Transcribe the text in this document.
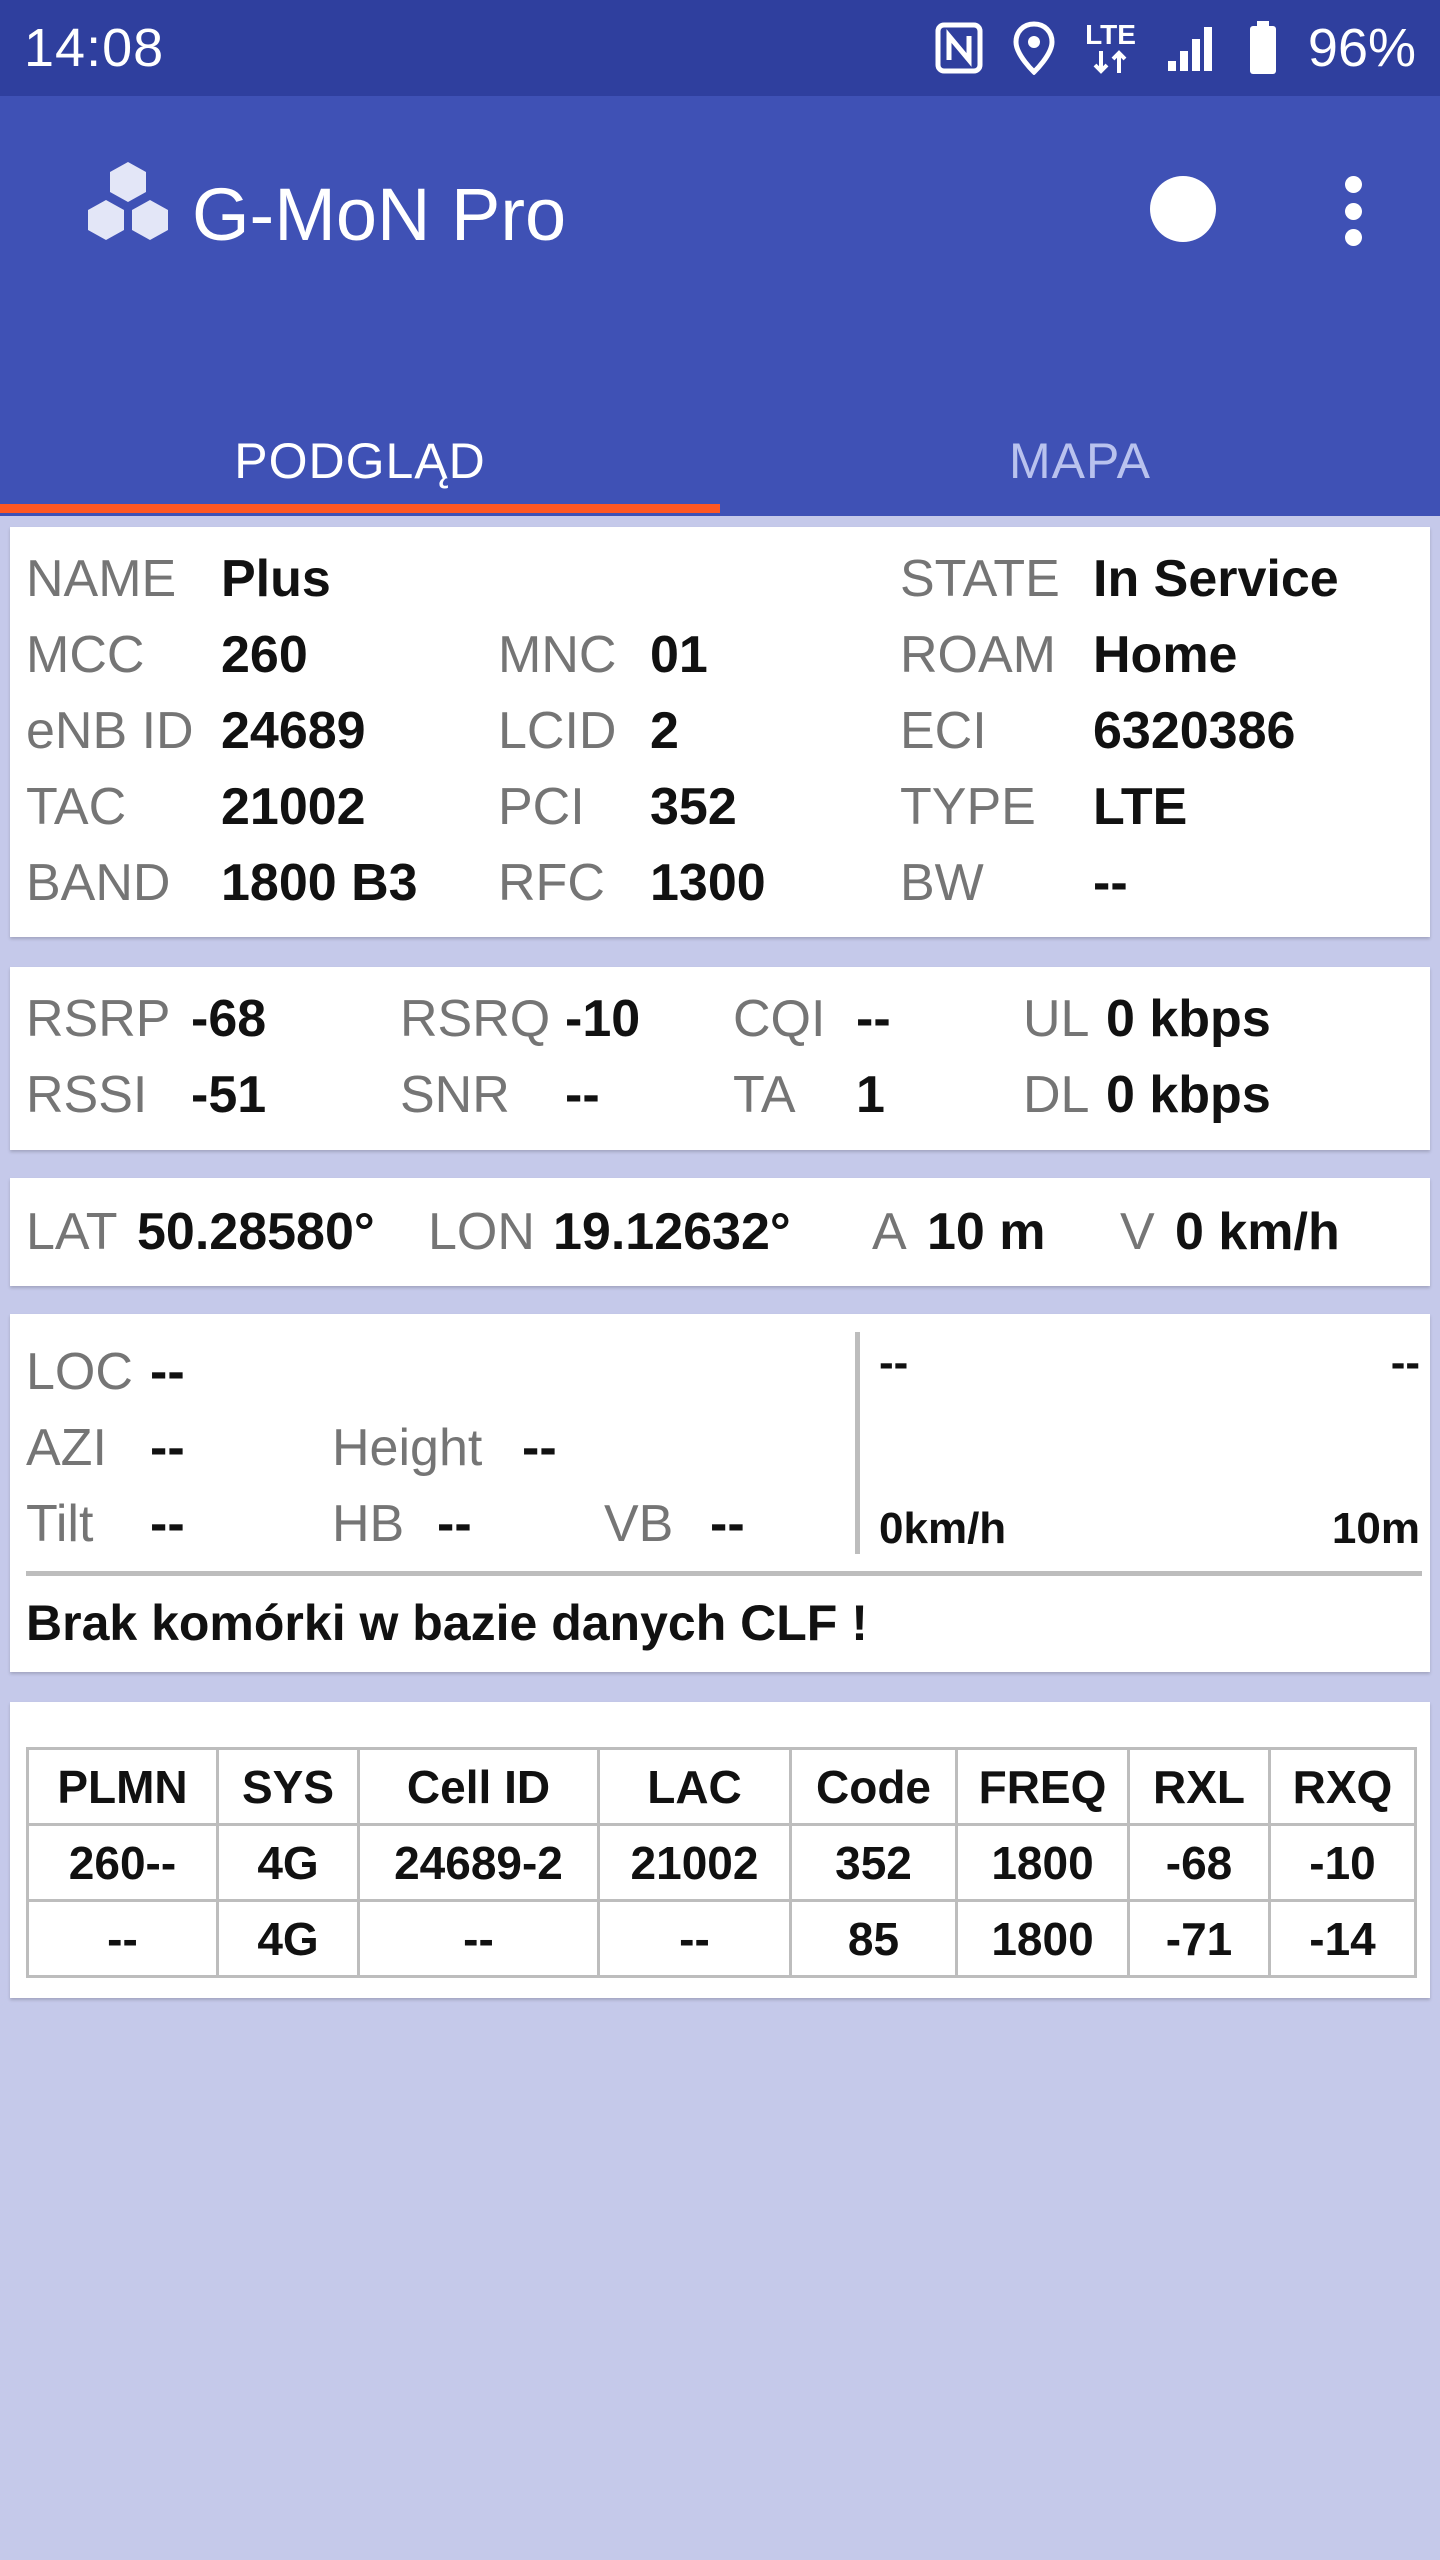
14:08	LTE	96%
G-MoN Pro
PODGLĄD	MAPA
NAME Plus	STATE In Service
MCC 260	MNC 01	ROAM Home
eNB ID 24689	LCID 2	ECI 6320386
TAC 21002	PCI 352	TYPE LTE
BAND 1800 B3 RFC 1300	BW --
RSRP -68	RSRQ -10 CQI --	UL 0 kbps
RSSI -51	SNR --	TA 1	DL 0 kbps
LAT 50.28580° LON 19.12632° A 10 m V 0 km/h
LOC --
AZI --	Height --
Tilt --	HB --	VB --
--	--
0km/h	10m
Brak komórki w bazie danych CLF !
PLMN	SYS	Cell ID	LAC	Code	FREQ	RXL	RXQ
260--	4G	24689-2	21002	352	1800	-68	-10
--	4G	--	--	85	1800	-71	-14
